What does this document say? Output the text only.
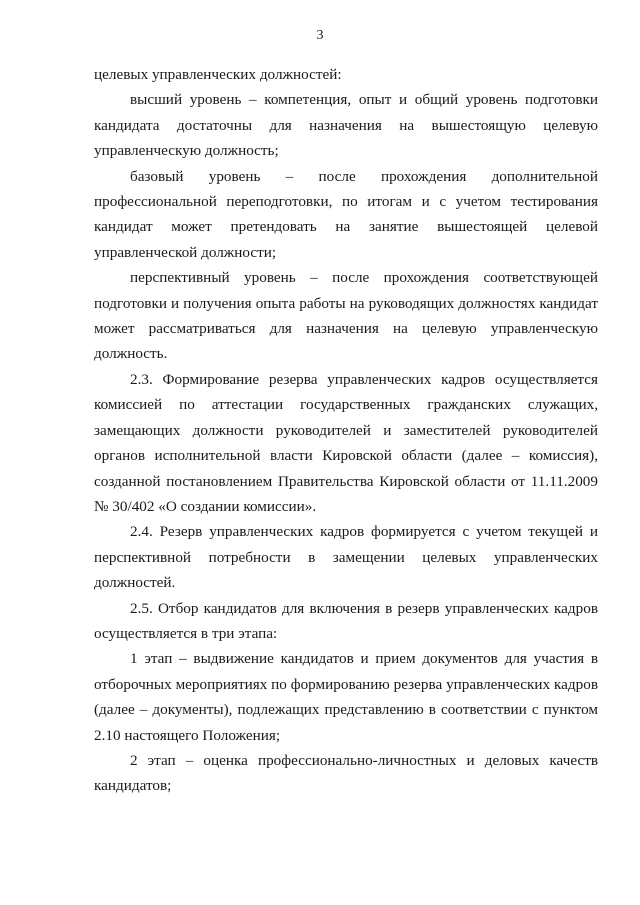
3

целевых управленческих должностей:

высший уровень – компетенция, опыт и общий уровень подготовки кандидата достаточны для назначения на вышестоящую целевую управленческую должность;

базовый уровень – после прохождения дополнительной профессиональной переподготовки, по итогам и с учетом тестирования кандидат может претендовать на занятие вышестоящей целевой управленческой должности;

перспективный уровень – после прохождения соответствующей подготовки и получения опыта работы на руководящих должностях кандидат может рассматриваться для назначения на целевую управленческую должность.

2.3. Формирование резерва управленческих кадров осуществляется комиссией по аттестации государственных гражданских служащих, замещающих должности руководителей и заместителей руководителей органов исполнительной власти Кировской области (далее – комиссия), созданной постановлением Правительства Кировской области от 11.11.2009 № 30/402 «О создании комиссии».

2.4. Резерв управленческих кадров формируется с учетом текущей и перспективной потребности в замещении целевых управленческих должностей.

2.5. Отбор кандидатов для включения в резерв управленческих кадров осуществляется в три этапа:

1 этап – выдвижение кандидатов и прием документов для участия в отборочных мероприятиях по формированию резерва управленческих кадров (далее – документы), подлежащих представлению в соответствии с пунктом 2.10 настоящего Положения;

2 этап – оценка профессионально-личностных и деловых качеств кандидатов;
